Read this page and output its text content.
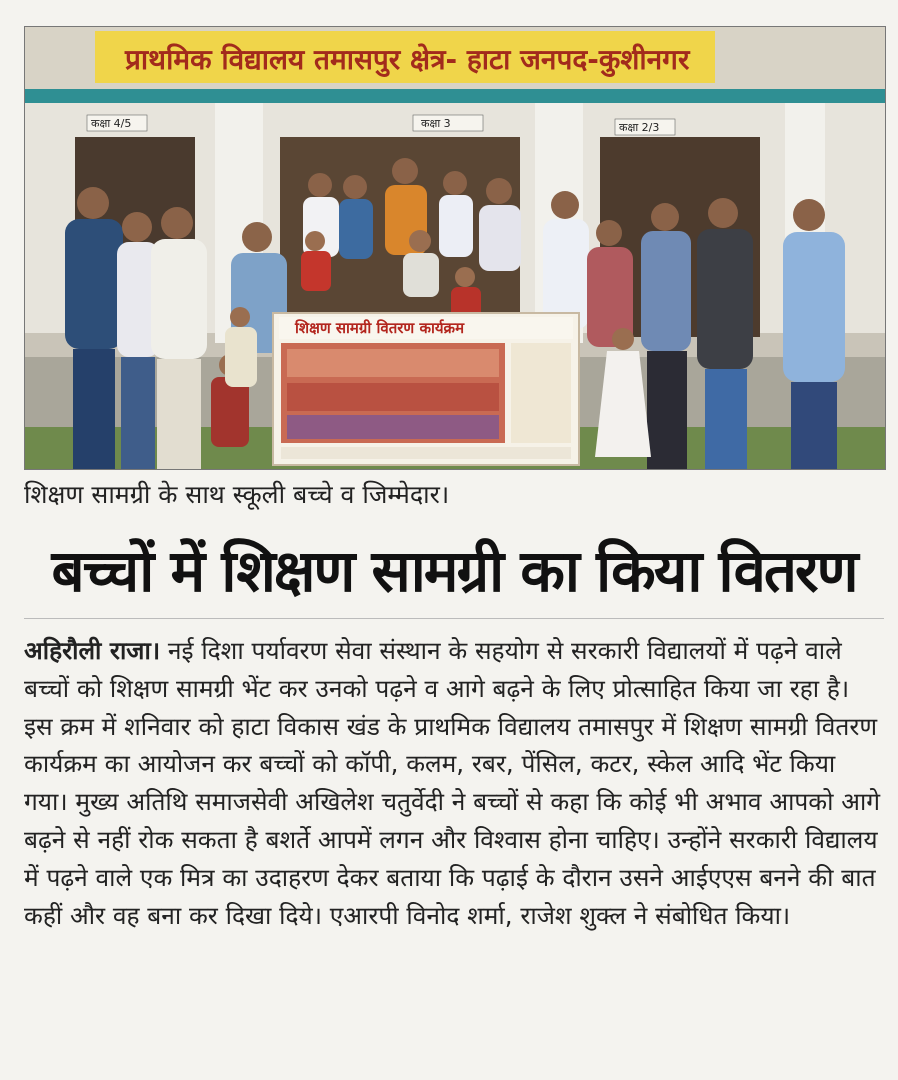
प्राथमिक विद्यालय तमासपुर क्षेत्र- हाटा जनपद-कुशीनगर
कक्षा 4/5	कक्षा 3	कक्षा 2/3
शिक्षण सामग्री वितरण कार्यक्रम
शिक्षण सामग्री के साथ स्कूली बच्चे व जिम्मेदार।
बच्चों में शिक्षण सामग्री का किया वितरण

अहिरौली राजा। नई दिशा पर्यावरण सेवा संस्थान के सहयोग से सरकारी विद्यालयों में पढ़ने वाले बच्चों को शिक्षण सामग्री भेंट कर उनको पढ़ने व आगे बढ़ने के लिए प्रोत्साहित किया जा रहा है। इस क्रम में शनिवार को हाटा विकास खंड के प्राथमिक विद्यालय तमासपुर में शिक्षण सामग्री वितरण कार्यक्रम का आयोजन कर बच्चों को कॉपी, कलम, रबर, पेंसिल, कटर, स्केल आदि भेंट किया गया। मुख्य अतिथि समाजसेवी अखिलेश चतुर्वेदी ने बच्चों से कहा कि कोई भी अभाव आपको आगे बढ़ने से नहीं रोक सकता है बशर्ते आपमें लगन और विश्वास होना चाहिए। उन्होंने सरकारी विद्यालय में पढ़ने वाले एक मित्र का उदाहरण देकर बताया कि पढ़ाई के दौरान उसने आईएएस बनने की बात कहीं और वह बना कर दिखा दिये। एआरपी विनोद शर्मा, राजेश शुक्ल ने संबोधित किया।
